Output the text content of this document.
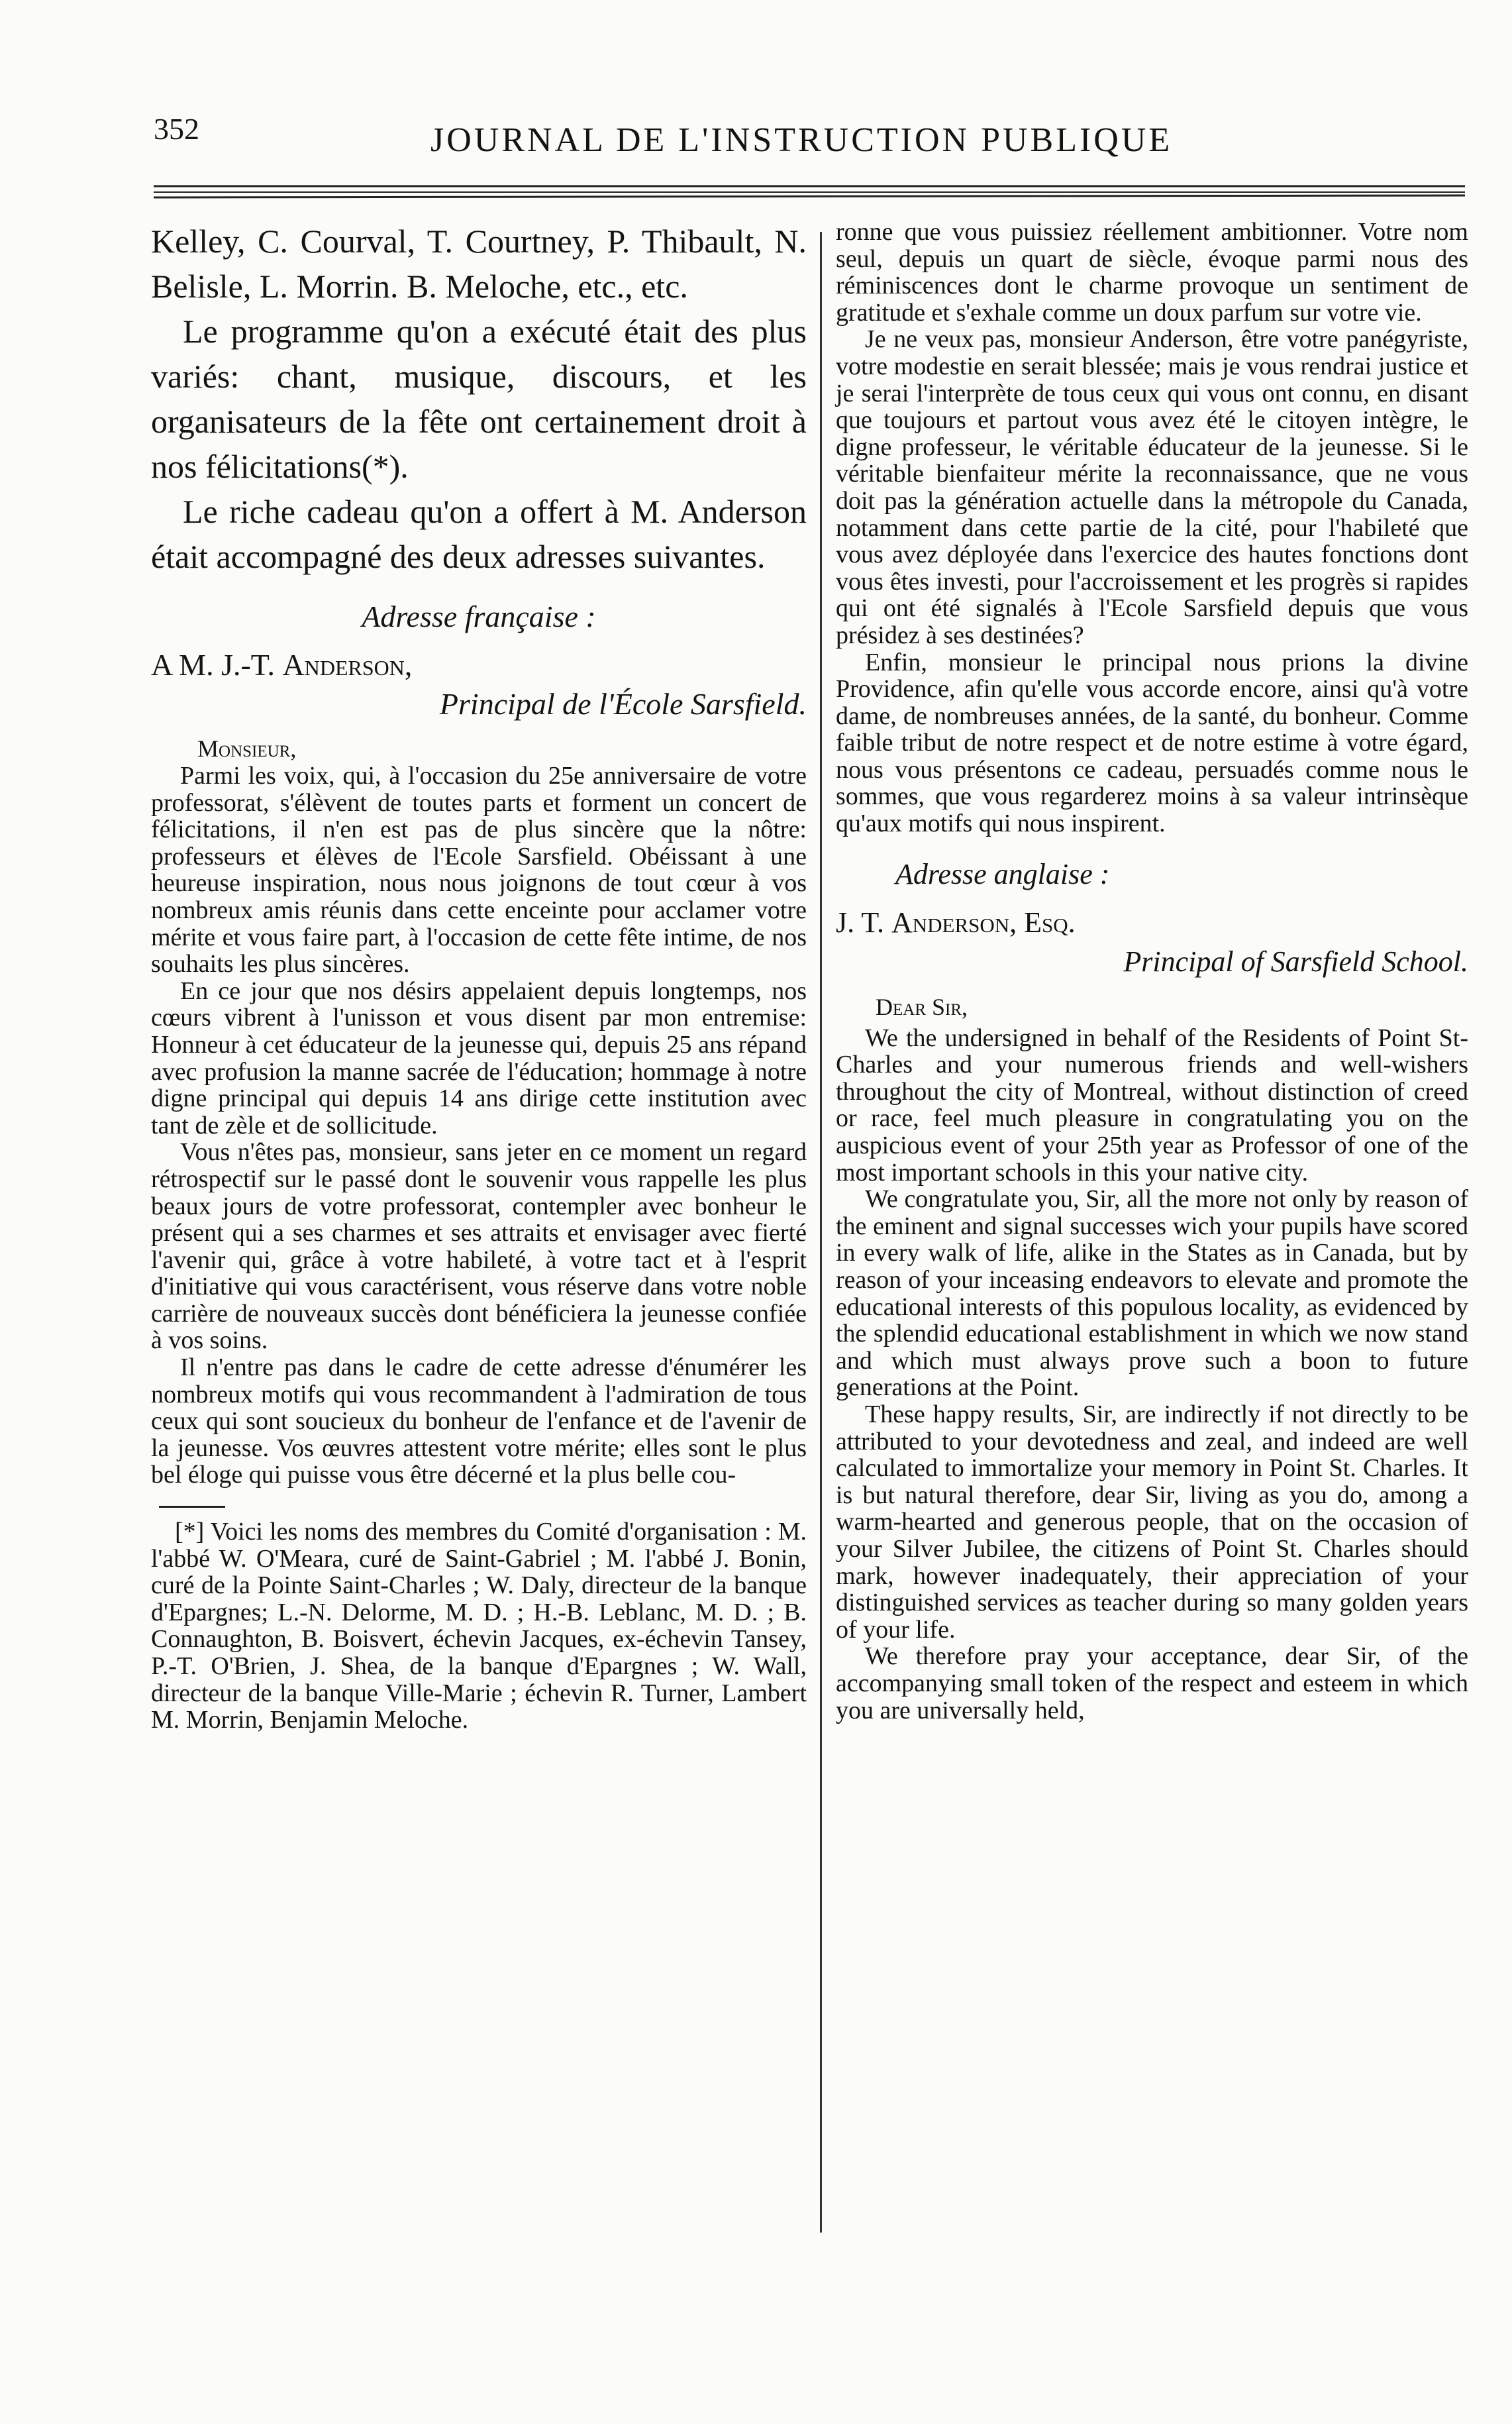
352	JOURNAL DE L'INSTRUCTION PUBLIQUE

Kelley, C. Courval, T. Courtney, P. Thibault, N. Belisle, L. Morrin. B. Meloche, etc., etc.

Le programme qu'on a exécuté était des plus variés: chant, musique, discours, et les organisateurs de la fête ont certainement droit à nos félicitations(*).

Le riche cadeau qu'on a offert à M. Anderson était accompagné des deux adresses suivantes.

Adresse française :
A M. J.-T. Anderson,
Principal de l'École Sarsfield.
Monsieur,

Parmi les voix, qui, à l'occasion du 25e anniversaire de votre professorat, s'élèvent de toutes parts et forment un concert de félicitations, il n'en est pas de plus sincère que la nôtre: professeurs et élèves de l'Ecole Sarsfield. Obéissant à une heureuse inspiration, nous nous joignons de tout cœur à vos nombreux amis réunis dans cette enceinte pour acclamer votre mérite et vous faire part, à l'occasion de cette fête intime, de nos souhaits les plus sincères.

En ce jour que nos désirs appelaient depuis longtemps, nos cœurs vibrent à l'unisson et vous disent par mon entremise: Honneur à cet éducateur de la jeunesse qui, depuis 25 ans répand avec profusion la manne sacrée de l'éducation; hommage à notre digne principal qui depuis 14 ans dirige cette institution avec tant de zèle et de sollicitude.

Vous n'êtes pas, monsieur, sans jeter en ce moment un regard rétrospectif sur le passé dont le souvenir vous rappelle les plus beaux jours de votre professorat, contempler avec bonheur le présent qui a ses charmes et ses attraits et envisager avec fierté l'avenir qui, grâce à votre habileté, à votre tact et à l'esprit d'initiative qui vous caractérisent, vous réserve dans votre noble carrière de nouveaux succès dont bénéficiera la jeunesse confiée à vos soins.

Il n'entre pas dans le cadre de cette adresse d'énumérer les nombreux motifs qui vous recommandent à l'admiration de tous ceux qui sont soucieux du bonheur de l'enfance et de l'avenir de la jeunesse. Vos œuvres attestent votre mérite; elles sont le plus bel éloge qui puisse vous être décerné et la plus belle cou-

[*] Voici les noms des membres du Comité d'organisation : M. l'abbé W. O'Meara, curé de Saint-Gabriel ; M. l'abbé J. Bonin, curé de la Pointe Saint-Charles ; W. Daly, directeur de la banque d'Epargnes; L.-N. Delorme, M. D. ; H.-B. Leblanc, M. D. ; B. Connaughton, B. Boisvert, échevin Jacques, ex-échevin Tansey, P.-T. O'Brien, J. Shea, de la banque d'Epargnes ; W. Wall, directeur de la banque Ville-Marie ; échevin R. Turner, Lambert M. Morrin, Benjamin Meloche.

ronne que vous puissiez réellement ambitionner. Votre nom seul, depuis un quart de siècle, évoque parmi nous des réminiscences dont le charme provoque un sentiment de gratitude et s'exhale comme un doux parfum sur votre vie.

Je ne veux pas, monsieur Anderson, être votre panégyriste, votre modestie en serait blessée; mais je vous rendrai justice et je serai l'interprète de tous ceux qui vous ont connu, en disant que toujours et partout vous avez été le citoyen intègre, le digne professeur, le véritable éducateur de la jeunesse. Si le véritable bienfaiteur mérite la reconnaissance, que ne vous doit pas la génération actuelle dans la métropole du Canada, notamment dans cette partie de la cité, pour l'habileté que vous avez déployée dans l'exercice des hautes fonctions dont vous êtes investi, pour l'accroissement et les progrès si rapides qui ont été signalés à l'Ecole Sarsfield depuis que vous présidez à ses destinées?

Enfin, monsieur le principal nous prions la divine Providence, afin qu'elle vous accorde encore, ainsi qu'à votre dame, de nombreuses années, de la santé, du bonheur. Comme faible tribut de notre respect et de notre estime à votre égard, nous vous présentons ce cadeau, persuadés comme nous le sommes, que vous regarderez moins à sa valeur intrinsèque qu'aux motifs qui nous inspirent.

Adresse anglaise :
J. T. Anderson, Esq.
Principal of Sarsfield School.
Dear Sir,

We the undersigned in behalf of the Residents of Point St- Charles and your numerous friends and well-wishers throughout the city of Montreal, without distinction of creed or race, feel much pleasure in congratulating you on the auspicious event of your 25th year as Professor of one of the most important schools in this your native city.

We congratulate you, Sir, all the more not only by reason of the eminent and signal successes wich your pupils have scored in every walk of life, alike in the States as in Canada, but by reason of your inceasing endeavors to elevate and promote the educational interests of this populous locality, as evidenced by the splendid educational establishment in which we now stand and which must always prove such a boon to future generations at the Point.

These happy results, Sir, are indirectly if not directly to be attributed to your devotedness and zeal, and indeed are well calculated to immortalize your memory in Point St. Charles. It is but natural therefore, dear Sir, living as you do, among a warm-hearted and generous people, that on the occasion of your Silver Jubilee, the citizens of Point St. Charles should mark, however inadequately, their appreciation of your distinguished services as teacher during so many golden years of your life.

We therefore pray your acceptance, dear Sir, of the accompanying small token of the respect and esteem in which you are universally held,
